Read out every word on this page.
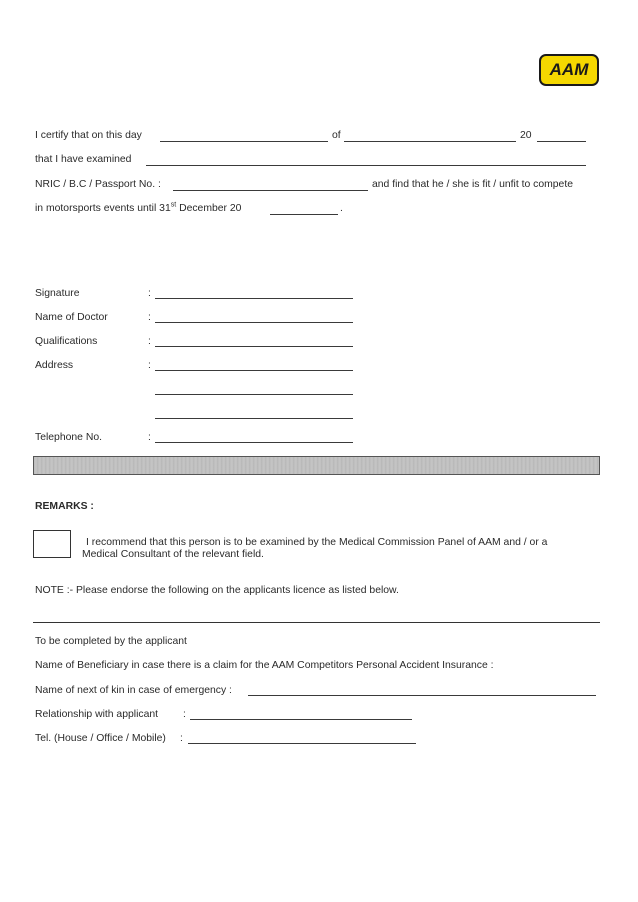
AAM
I certify that on this day	of	20
that I have examined
NRIC / B.C / Passport No. :	and find that he / she is fit / unfit to compete
in motorsports events until 31st December 20	.
Signature	:
Name of Doctor	:
Qualifications	:
Address	:
Telephone No.	:
REMARKS :
I recommend that this person is to be examined by the Medical Commission Panel of AAM and / or a
Medical Consultant of the relevant field.
NOTE :- Please endorse the following on the applicants licence as listed below.
To be completed by the applicant
Name of Beneficiary in case there is a claim for the AAM Competitors Personal Accident Insurance :
Name of next of kin in case of emergency :
Relationship with applicant :
Tel. (House / Office / Mobile) :
